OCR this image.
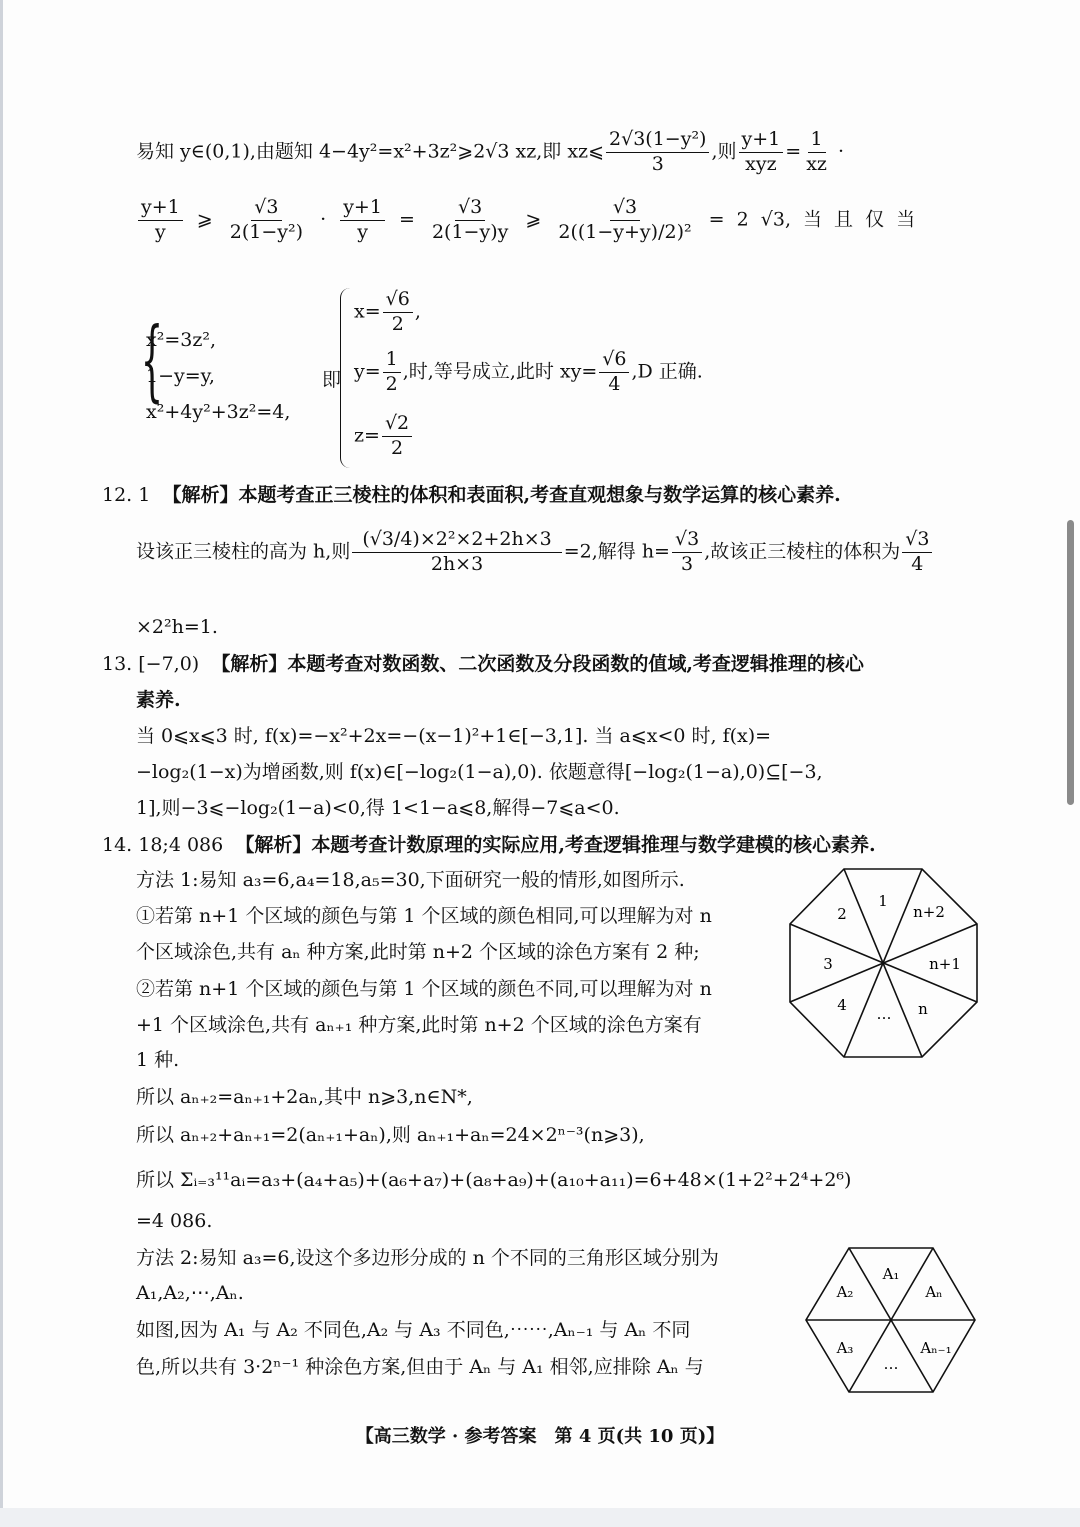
易知 y∈(0,1),由题知 4−4y²=x²+3z²⩾2√3 xz,即 xz⩽ $\frac{\text{2√3(1−y²)}}{3}$ ,则
y+1
xyz
= $\frac{1}{xz}$ ·
$\frac{y+1}{y}$ ⩾ $\frac{√3}{\text{2(1−y²)}} \cdot \frac{y+1}{y} = \frac{√3}{2(1-y)y}$ ⩾ $\frac{√3}{\text{2((1−y+y)/2)²}} = 2$ √3, 当 且 仅 当
{
x²=3z²,
1−y=y,
x²+4y²+3z²=4,
即
$x= \frac{√6}{2}$ ,
$y= \frac{1}{2}$ ,时,等号成立,此时 $xy= \frac{√6}{4} ,D$ 正确.
$z= \frac{√2}{2}$
12. 1 【解析】本题考查正三棱柱的体积和表面积,考查直观想象与数学运算的核心素养.
设该正三棱柱的高为 h,则 $\frac{\text{(√3/4)×2²×2+2h×3}}{2h\times 3} =2$,解得 $h= \frac{√3}{3}$ ,故该正三棱柱的体积为 $\frac{√3}{4}$
×2²h=1.
13. [−7,0) 【解析】本题考查对数函数、二次函数及分段函数的值域,考查逻辑推理的核心
素养.
当 0⩽x⩽3 时, f(x)=−x²+2x=−(x−1)²+1∈[−3,1]. 当 a⩽x<0 时, f(x)=
−log₂(1−x)为增函数,则 f(x)∈[−log₂(1−a),0). 依题意得[−log₂(1−a),0)⊆[−3,
1],则−3⩽−log₂(1−a)<0,得 1<1−a⩽8,解得−7⩽a<0.
14. 18;4 086 【解析】本题考查计数原理的实际应用,考查逻辑推理与数学建模的核心素养.
方法 1:易知 a₃=6,a₄=18,a₅=30,下面研究一般的情形,如图所示.
①若第 n+1 个区域的颜色与第 1 个区域的颜色相同,可以理解为对 n
个区域涂色,共有 aₙ 种方案,此时第 n+2 个区域的涂色方案有 2 种;
②若第 n+1 个区域的颜色与第 1 个区域的颜色不同,可以理解为对 n
+1 个区域涂色,共有 aₙ₊₁ 种方案,此时第 n+2 个区域的涂色方案有
1 种.
所以 aₙ₊₂=aₙ₊₁+2aₙ,其中 n⩾3,n∈N*,
所以 aₙ₊₂+aₙ₊₁=2(aₙ₊₁+aₙ),则 aₙ₊₁+aₙ=24×2ⁿ⁻³(n⩾3),
所以 Σᵢ₌₃¹¹aᵢ=a₃+(a₄+a₅)+(a₆+a₇)+(a₈+a₉)+(a₁₀+a₁₁)=6+48×(1+2²+2⁴+2⁶)
=4 086.
方法 2:易知 a₃=6,设这个多边形分成的 n 个不同的三角形区域分别为
A₁,A₂,⋯,Aₙ.
如图,因为 A₁ 与 A₂ 不同色,A₂ 与 A₃ 不同色,⋯⋯,Aₙ₋₁ 与 Aₙ 不同
色,所以共有 3·2ⁿ⁻¹ 种涂色方案,但由于 Aₙ 与 A₁ 相邻,应排除 Aₙ 与
1
n+2
n+1
n
…
4
3
2
A₁
Aₙ
Aₙ₋₁
…
A₃
A₂
【高三数学 · 参考答案　第 4 页(共 10 页)】
